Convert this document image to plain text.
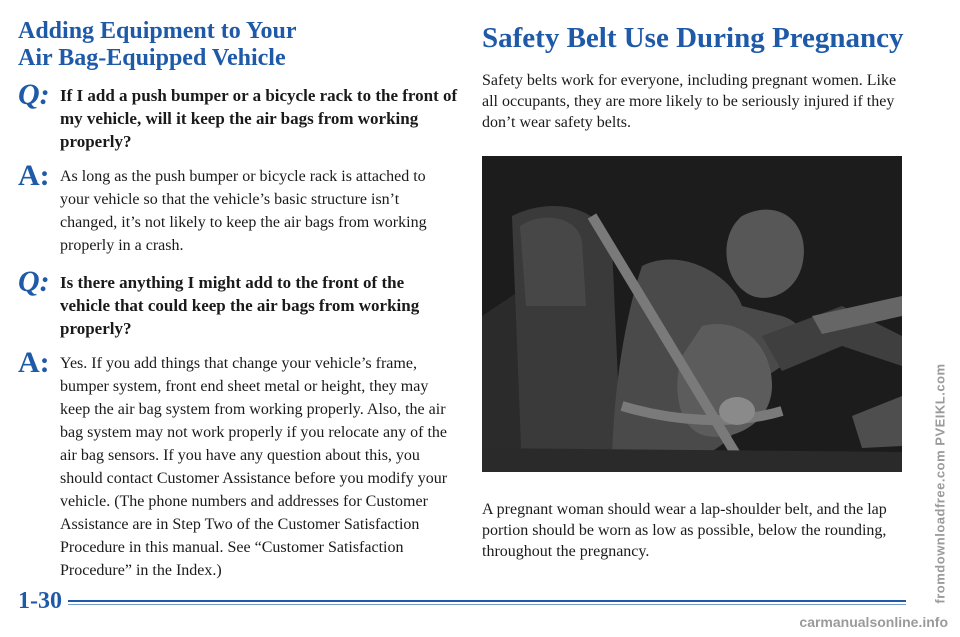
Adding Equipment to Your
Air Bag-Equipped Vehicle
Q: If I add a push bumper or a bicycle rack to the front of my vehicle, will it keep the air bags from working properly?

A: As long as the push bumper or bicycle rack is attached to your vehicle so that the vehicle’s basic structure isn’t changed, it’s not likely to keep the air bags from working properly in a crash.

Q: Is there anything I might add to the front of the vehicle that could keep the air bags from working properly?

A: Yes. If you add things that change your vehicle’s frame, bumper system, front end sheet metal or height, they may keep the air bag system from working properly. Also, the air bag system may not work properly if you relocate any of the air bag sensors. If you have any question about this, you should contact Customer Assistance before you modify your vehicle. (The phone numbers and addresses for Customer Assistance are in Step Two of the Customer Satisfaction Procedure in this manual. See “Customer Satisfaction Procedure” in the Index.)

Safety Belt Use During Pregnancy

Safety belts work for everyone, including pregnant women. Like all occupants, they are more likely to be seriously injured if they don’t wear safety belts.

A pregnant woman should wear a lap-shoulder belt, and the lap portion should be worn as low as possible, below the rounding, throughout the pregnancy.

1-30	fromdownloadfree.com PVEIKL.com
carmanualsonline.info
